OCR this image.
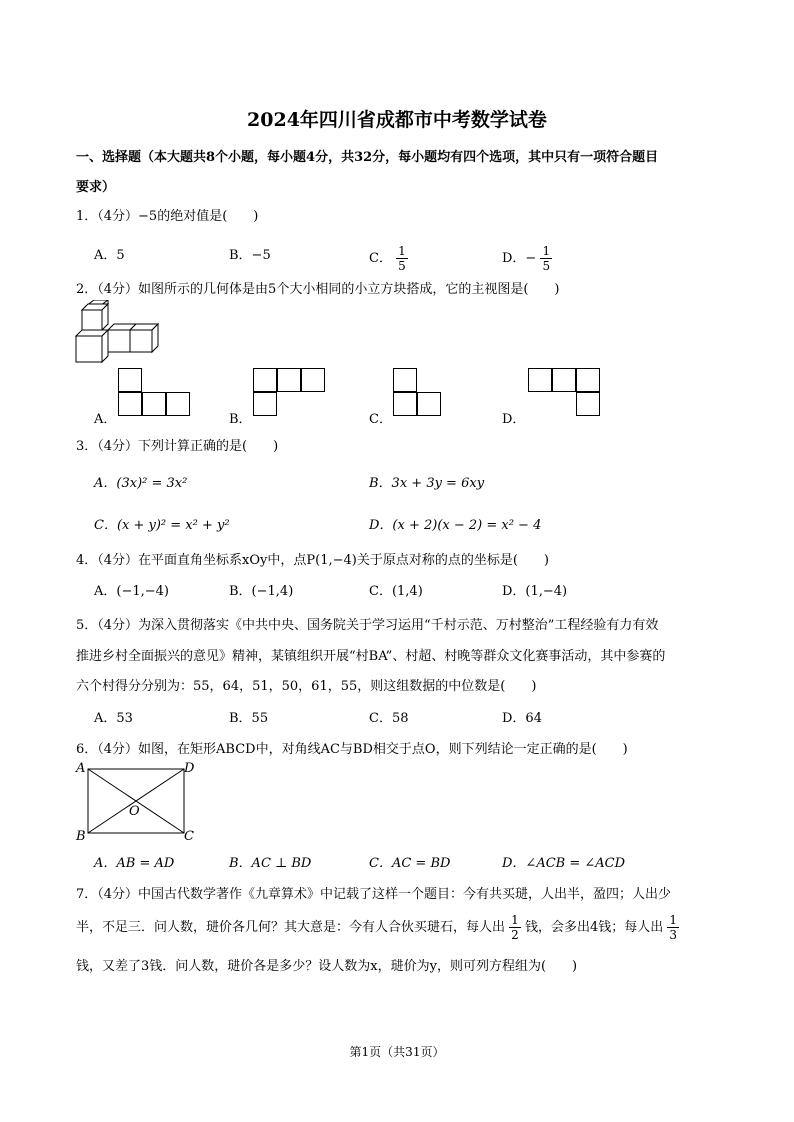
2024年四川省成都市中考数学试卷
一、选择题（本大题共8个小题，每小题4分，共32分，每小题均有四个选项，其中只有一项符合题目
要求）
1．（4分）−5的绝对值是(　　)
A．5	B．−5	C． $\frac{1}{5}$	D．− $\frac{1}{5}$
2．（4分）如图所示的几何体是由5个大小相同的小立方块搭成，它的主视图是(　　)
A．	B．	C．	D．
3．（4分）下列计算正确的是(　　)
A．(3x)² = 3x²	B．3x + 3y = 6xy
C．(x + y)² = x² + y²	D．(x + 2)(x − 2) = x² − 4
4．（4分）在平面直角坐标系xOy中，点P(1,−4)关于原点对称的点的坐标是(　　)
A．(−1,−4)	B．(−1,4)	C．(1,4)	D．(1,−4)
5．（4分）为深入贯彻落实《中共中央、国务院关于学习运用“千村示范、万村整治”工程经验有力有效
推进乡村全面振兴的意见》精神，某镇组织开展“村BA”、村超、村晚等群众文化赛事活动，其中参赛的
六个村得分分别为：55，64，51，50，61，55，则这组数据的中位数是(　　)
A．53	B．55	C．58	D．64
6．（4分）如图，在矩形ABCD中，对角线AC与BD相交于点O，则下列结论一定正确的是(　　)
A	D
B	C
O
A．AB = AD	B．AC ⊥ BD	C．AC = BD	D．∠ACB = ∠ACD
7．（4分）中国古代数学著作《九章算术》中记载了这样一个题目：今有共买琎，人出半，盈四；人出少
半，不足三．问人数，琎价各几何？其大意是：今有人合伙买琎石，每人出 $\frac{1}{2}$ 钱，会多出4钱；每人出 $\frac{1}{3}$
钱，又差了3钱．问人数，琎价各是多少？设人数为x，琎价为y，则可列方程组为(　　)
第1页（共31页）
